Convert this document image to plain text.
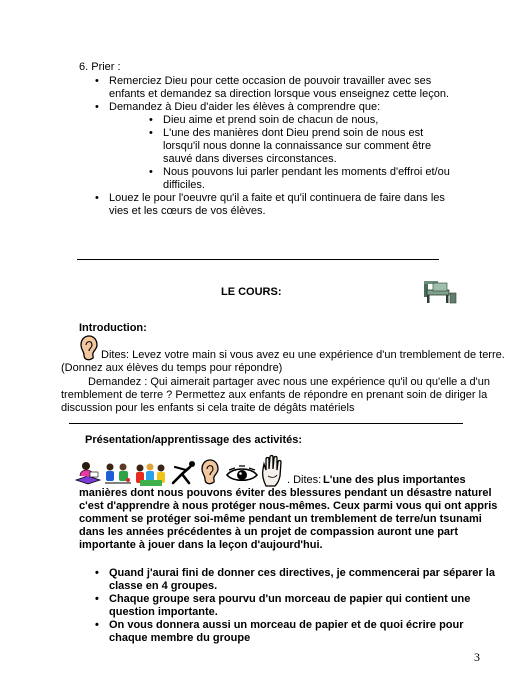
6. Prier :
• Remerciez Dieu pour cette occasion de pouvoir travailler avec ses
enfants et demandez sa direction lorsque vous enseignez cette leçon.
• Demandez à Dieu d'aider les élèves à comprendre que:
• Dieu aime et prend soin de chacun de nous,
• L'une des manières dont Dieu prend soin de nous est
lorsqu'il nous donne la connaissance sur comment être
sauvé dans diverses circonstances.
• Nous pouvons lui parler pendant les moments d'effroi et/ou
difficiles.
• Louez le pour l'oeuvre qu'il a faite et qu'il continuera de faire dans les
vies et les cœurs de vos élèves.
LE COURS:
Introduction:
Dites: Levez votre main si vous avez eu une expérience d'un tremblement de terre.
(Donnez aux élèves du temps pour répondre)
Demandez : Qui aimerait partager avec nous une expérience qu'il ou qu'elle a d'un
tremblement de terre ? Permettez aux enfants de répondre en prenant soin de diriger la
discussion pour les enfants si cela traite de dégâts matériels
Présentation/apprentissage des activités:
. Dites: L'une des plus importantes
manières dont nous pouvons éviter des blessures pendant un désastre naturel
c'est d'apprendre à nous protéger nous-mêmes. Ceux parmi vous qui ont appris
comment se protéger soi-même pendant un tremblement de terre/un tsunami
dans les années précédentes à un projet de compassion auront une part
importante à jouer dans la leçon d'aujourd'hui.
• Quand j'aurai fini de donner ces directives, je commencerai par séparer la
classe en 4 groupes.
• Chaque groupe sera pourvu d'un morceau de papier qui contient une
question importante.
• On vous donnera aussi un morceau de papier et de quoi écrire pour
chaque membre du groupe
3
